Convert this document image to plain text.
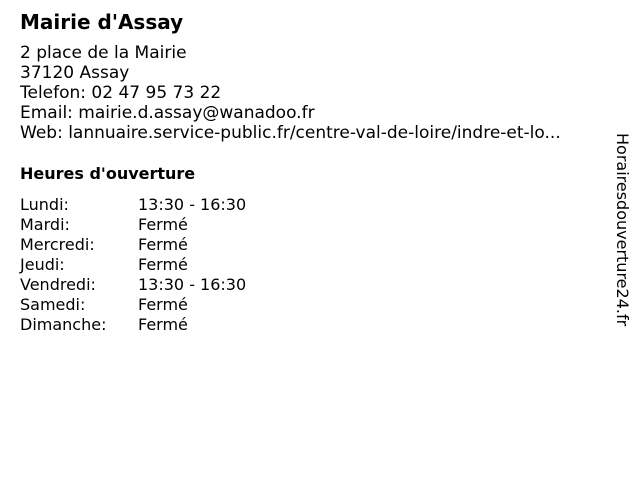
Mairie d'Assay
2 place de la Mairie
37120 Assay
Telefon: 02 47 95 73 22
Email: mairie.d.assay@wanadoo.fr
Web: lannuaire.service-public.fr/centre-val-de-loire/indre-et-lo...
Heures d'ouverture
Lundi:	13:30 - 16:30
Mardi:	Fermé
Mercredi:	Fermé
Jeudi:	Fermé
Vendredi:	13:30 - 16:30
Samedi:	Fermé
Dimanche: Fermé	Horairesdouverture24.fr
